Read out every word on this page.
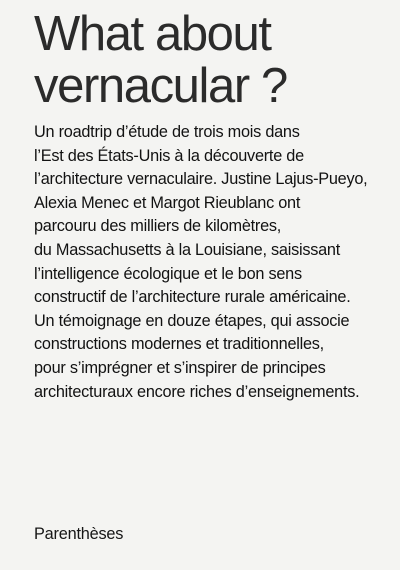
What about
vernacular ?

Un roadtrip d’étude de trois mois dans
l’Est des États-Unis à la découverte de
l’architecture vernaculaire. Justine Lajus-Pueyo,
Alexia Menec et Margot Rieublanc ont
parcouru des milliers de kilomètres,
du Massachusetts à la Louisiane, saisissant
l’intelligence écologique et le bon sens
constructif de l’architecture rurale américaine.
Un témoignage en douze étapes, qui associe
constructions modernes et traditionnelles,
pour s’imprégner et s’inspirer de principes
architecturaux encore riches d’enseignements.

Parenthèses
